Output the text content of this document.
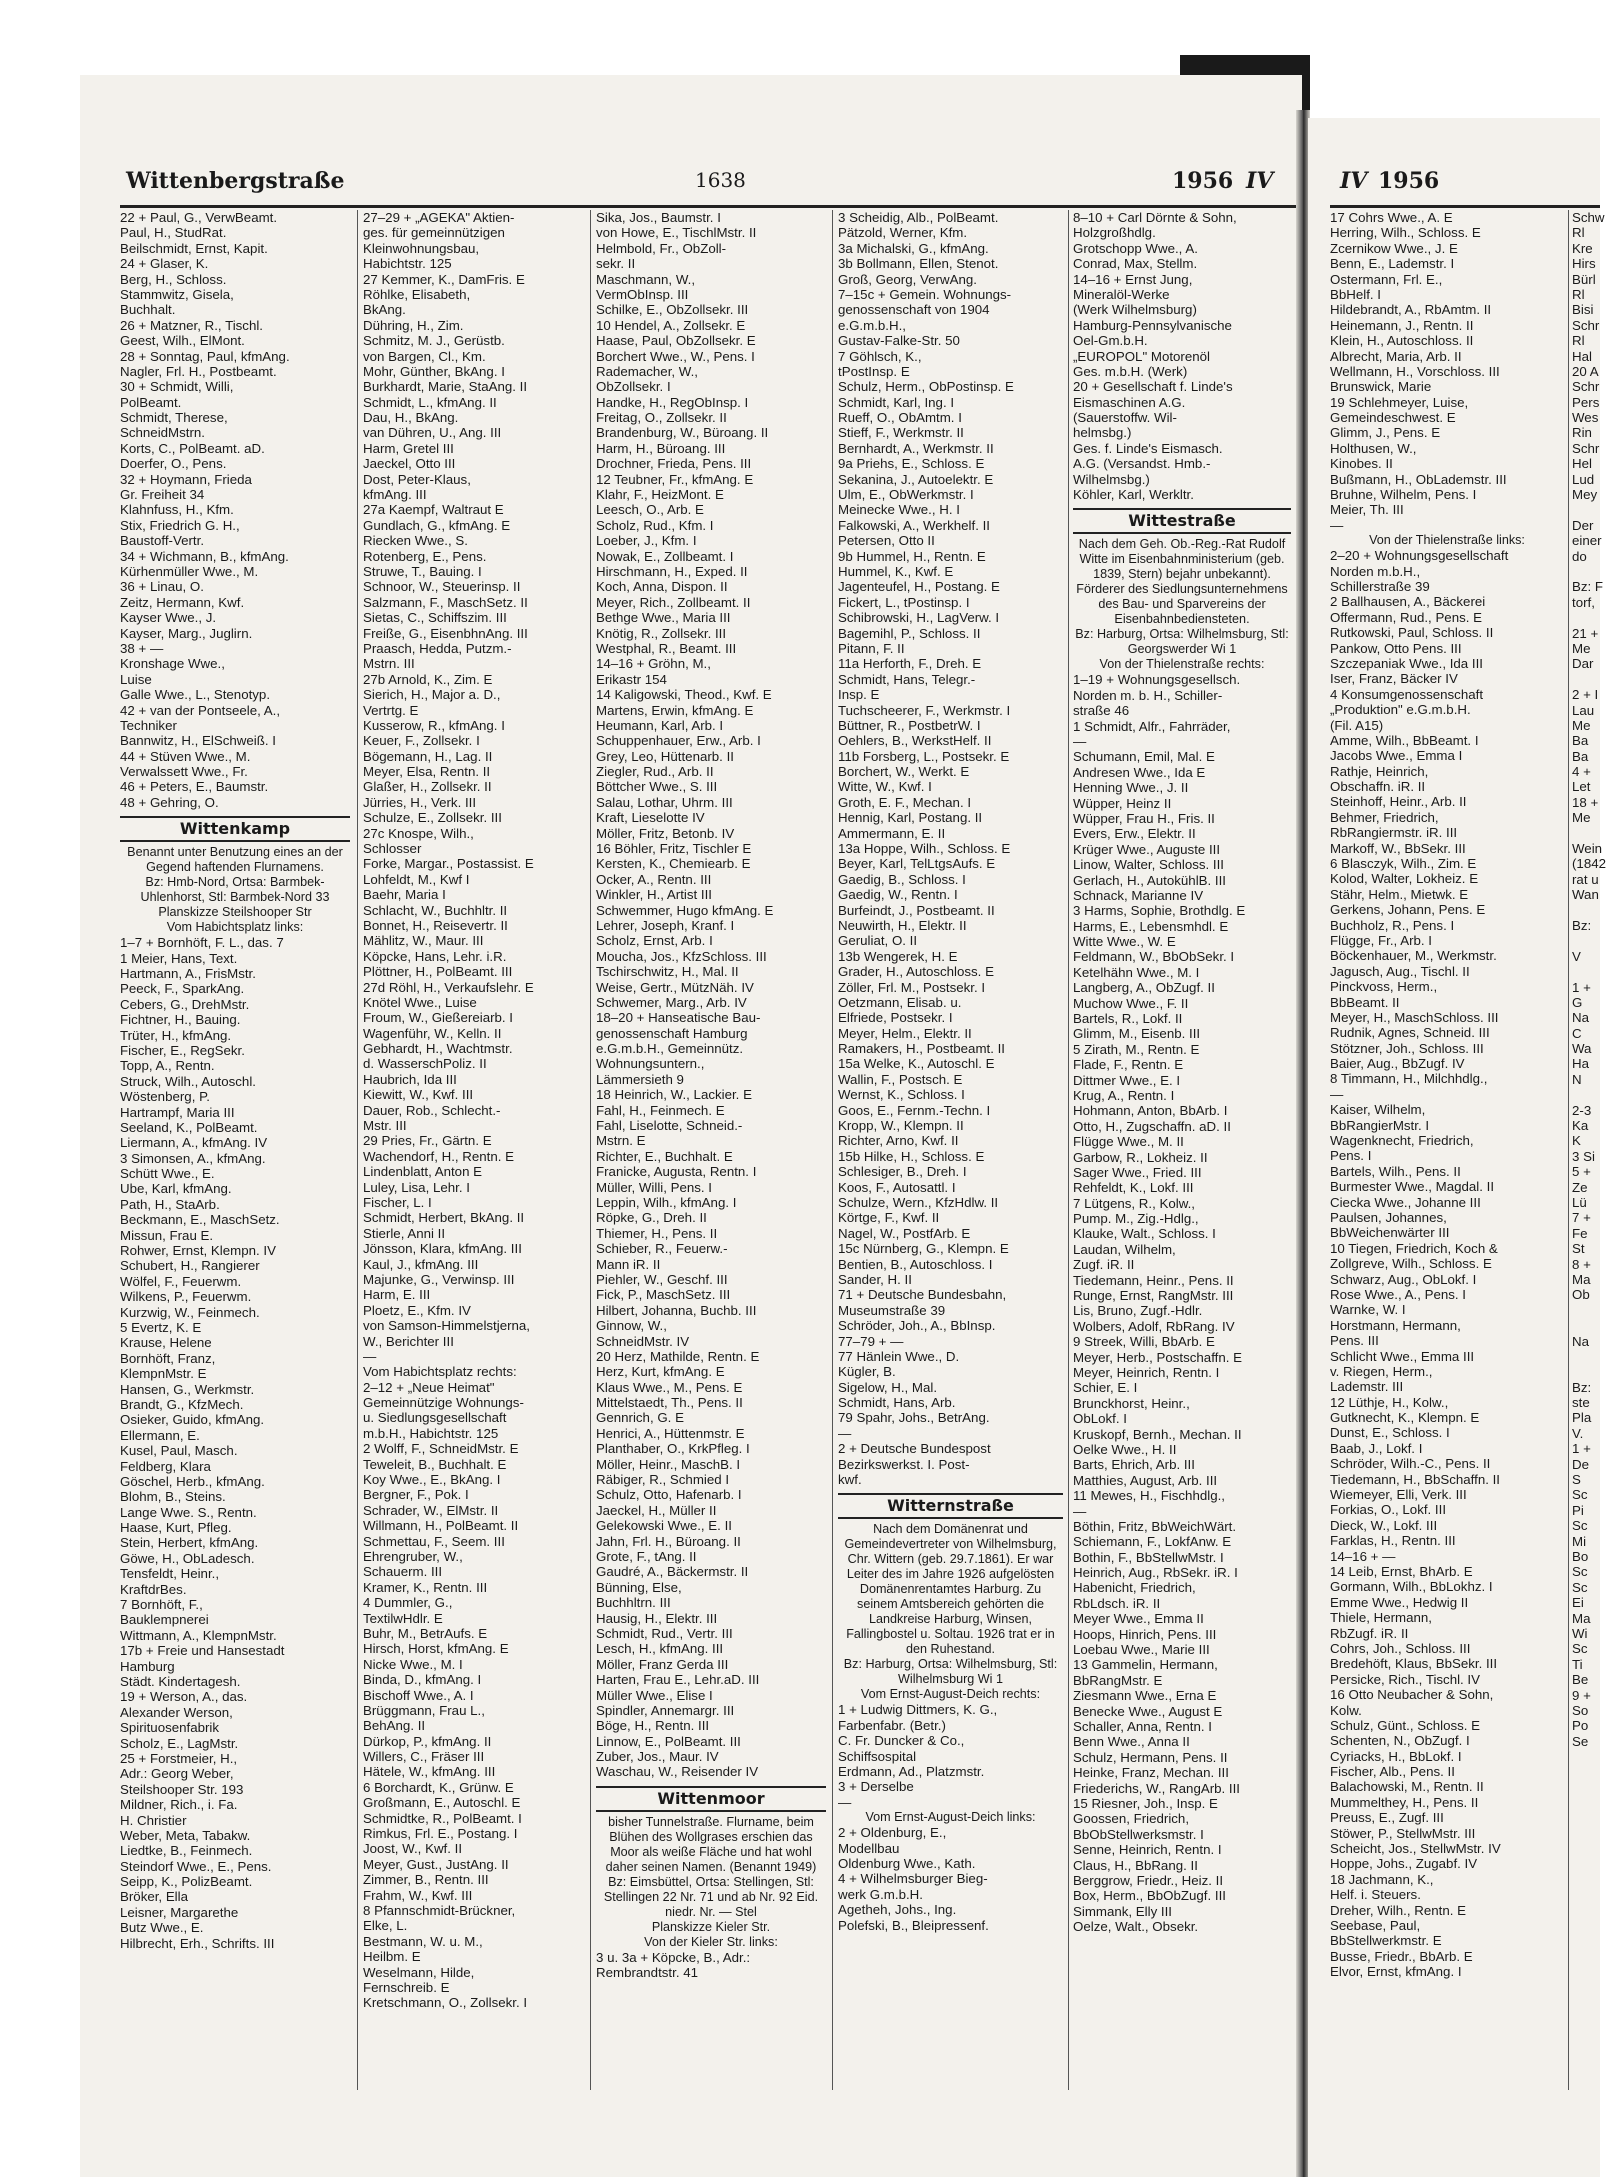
Wittenbergstraße	1638	1956 IV	IV 1956
22 + Paul, G., VerwBeamt.
Paul, H., StudRat.
Beilschmidt, Ernst, Kapit.
24 + Glaser, K.
Berg, H., Schloss.
Stammwitz, Gisela,
Buchhalt.
26 + Matzner, R., Tischl.
Geest, Wilh., ElMont.
28 + Sonntag, Paul, kfmAng.
Nagler, Frl. H., Postbeamt.
30 + Schmidt, Willi,
PolBeamt.
Schmidt, Therese,
SchneidMstrn.
Korts, C., PolBeamt. aD.
Doerfer, O., Pens.
32 + Hoymann, Frieda
Gr. Freiheit 34
Klahnfuss, H., Kfm.
Stix, Friedrich G. H.,
Baustoff-Vertr.
34 + Wichmann, B., kfmAng.
Kürhenmüller Wwe., M.
36 + Linau, O.
Zeitz, Hermann, Kwf.
Kayser Wwe., J.
Kayser, Marg., Juglirn.
38 + —
Kronshage Wwe.,
Luise
Galle Wwe., L., Stenotyp.
42 + van der Pontseele, A.,
Techniker
Bannwitz, H., ElSchweiß. I
44 + Stüven Wwe., M.
Verwalssett Wwe., Fr.
46 + Peters, E., Baumstr.
48 + Gehring, O.
Wittenkamp
Benannt unter Benutzung eines an der Gegend haftenden Flurnamens.
Bz: Hmb-Nord, Ortsa: Barmbek-Uhlenhorst, Stl: Barmbek-Nord 33
Planskizze Steilshooper Str
Vom Habichtsplatz links:
1–7 + Bornhöft, F. L., das. 7
1 Meier, Hans, Text.
Hartmann, A., FrisMstr.
Peeck, F., SparkAng.
Cebers, G., DrehMstr.
Fichtner, H., Bauing.
Trüter, H., kfmAng.
Fischer, E., RegSekr.
Topp, A., Rentn.
Struck, Wilh., Autoschl.
Wöstenberg, P.
Hartrampf, Maria III
Seeland, K., PolBeamt.
Liermann, A., kfmAng. IV
3 Simonsen, A., kfmAng.
Schütt Wwe., E.
Ube, Karl, kfmAng.
Path, H., StaArb.
Beckmann, E., MaschSetz.
Missun, Frau E.
Rohwer, Ernst, Klempn. IV
Schubert, H., Rangierer
Wölfel, F., Feuerwm.
Wilkens, P., Feuerwm.
Kurzwig, W., Feinmech.
5 Evertz, K. E
Krause, Helene
Bornhöft, Franz,
KlempnMstr. E
Hansen, G., Werkmstr.
Brandt, G., KfzMech.
Osieker, Guido, kfmAng.
Ellermann, E.
Kusel, Paul, Masch.
Feldberg, Klara
Göschel, Herb., kfmAng.
Blohm, B., Steins.
Lange Wwe. S., Rentn.
Haase, Kurt, Pfleg.
Stein, Herbert, kfmAng.
Göwe, H., ObLadesch.
Tensfeldt, Heinr.,
KraftdrBes.
7 Bornhöft, F.,
Bauklempnerei
Wittmann, A., KlempnMstr.
17b + Freie und Hansestadt
Hamburg
Städt. Kindertagesh.
19 + Werson, A., das.
Alexander Werson,
Spirituosenfabrik
Scholz, E., LagMstr.
25 + Forstmeier, H.,
Adr.: Georg Weber,
Steilshooper Str. 193
Mildner, Rich., i. Fa.
H. Christier
Weber, Meta, Tabakw.
Liedtke, B., Feinmech.
Steindorf Wwe., E., Pens.
Seipp, K., PolizBeamt.
Bröker, Ella
Leisner, Margarethe
Butz Wwe., E.
Hilbrecht, Erh., Schrifts. III
27–29 + „AGEKA" Aktien-
ges. für gemeinnützigen
Kleinwohnungsbau,
Habichtstr. 125
27 Kemmer, K., DamFris. E
Röhlke, Elisabeth,
BkAng.
Dühring, H., Zim.
Schmitz, M. J., Gerüstb.
von Bargen, Cl., Km.
Mohr, Günther, BkAng. I
Burkhardt, Marie, StaAng. II
Schmidt, L., kfmAng. II
Dau, H., BkAng.
van Dühren, U., Ang. III
Harm, Gretel III
Jaeckel, Otto III
Dost, Peter-Klaus,
kfmAng. III
27a Kaempf, Waltraut E
Gundlach, G., kfmAng. E
Riecken Wwe., S.
Rotenberg, E., Pens.
Struwe, T., Bauing. I
Schnoor, W., Steuerinsp. II
Salzmann, F., MaschSetz. II
Sietas, C., Schiffszim. III
Freiße, G., EisenbhnAng. III
Praasch, Hedda, Putzm.-
Mstrn. III
27b Arnold, K., Zim. E
Sierich, H., Major a. D.,
Vertrtg. E
Kusserow, R., kfmAng. I
Keuer, F., Zollsekr. I
Bögemann, H., Lag. II
Meyer, Elsa, Rentn. II
Glaßer, H., Zollsekr. II
Jürries, H., Verk. III
Schulze, E., Zollsekr. III
27c Knospe, Wilh.,
Schlosser
Forke, Margar., Postassist. E
Lohfeldt, M., Kwf I
Baehr, Maria I
Schlacht, W., Buchhltr. II
Bonnet, H., Reisevertr. II
Mählitz, W., Maur. III
Köpcke, Hans, Lehr. i.R.
Plöttner, H., PolBeamt. III
27d Röhl, H., Verkaufslehr. E
Knötel Wwe., Luise
Froum, W., Gießereiarb. I
Wagenführ, W., Kelln. II
Gebhardt, H., Wachtmstr.
d. WasserschPoliz. II
Haubrich, Ida III
Kiewitt, W., Kwf. III
Dauer, Rob., Schlecht.-
Mstr. III
29 Pries, Fr., Gärtn. E
Wachendorf, H., Rentn. E
Lindenblatt, Anton E
Luley, Lisa, Lehr. I
Fischer, L. I
Schmidt, Herbert, BkAng. II
Stierle, Anni II
Jönsson, Klara, kfmAng. III
Kaul, J., kfmAng. III
Majunke, G., Verwinsp. III
Harm, E. III
Ploetz, E., Kfm. IV
von Samson-Himmelstjerna,
W., Berichter III
—
Vom Habichtsplatz rechts:
2–12 + „Neue Heimat"
Gemeinnützige Wohnungs-
u. Siedlungsgesellschaft
m.b.H., Habichtstr. 125
2 Wolff, F., SchneidMstr. E
Teweleit, B., Buchhalt. E
Koy Wwe., E., BkAng. I
Bergner, F., Pok. I
Schrader, W., ElMstr. II
Willmann, H., PolBeamt. II
Schmettau, F., Seem. III
Ehrengruber, W.,
Schauerm. III
Kramer, K., Rentn. III
4 Dummler, G.,
TextilwHdlr. E
Buhr, M., BetrAufs. E
Hirsch, Horst, kfmAng. E
Nicke Wwe., M. I
Binda, D., kfmAng. I
Bischoff Wwe., A. I
Brüggmann, Frau L.,
BehAng. II
Dürkop, P., kfmAng. II
Willers, C., Fräser III
Hätele, W., kfmAng. III
6 Borchardt, K., Grünw. E
Großmann, E., Autoschl. E
Schmidtke, R., PolBeamt. I
Rimkus, Frl. E., Postang. I
Joost, W., Kwf. II
Meyer, Gust., JustAng. II
Zimmer, B., Rentn. III
Frahm, W., Kwf. III
8 Pfannschmidt-Brückner,
Elke, L.
Bestmann, W. u. M.,
Heilbm. E
Weselmann, Hilde,
Fernschreib. E
Kretschmann, O., Zollsekr. I
Sika, Jos., Baumstr. I
von Howe, E., TischlMstr. II
Helmbold, Fr., ObZoll-
sekr. II
Maschmann, W.,
VermObInsp. III
Schilke, E., ObZollsekr. III
10 Hendel, A., Zollsekr. E
Haase, Paul, ObZollsekr. E
Borchert Wwe., W., Pens. I
Rademacher, W.,
ObZollsekr. I
Handke, H., RegObInsp. I
Freitag, O., Zollsekr. II
Brandenburg, W., Büroang. II
Harm, H., Büroang. III
Drochner, Frieda, Pens. III
12 Teubner, Fr., kfmAng. E
Klahr, F., HeizMont. E
Leesch, O., Arb. E
Scholz, Rud., Kfm. I
Loeber, J., Kfm. I
Nowak, E., Zollbeamt. I
Hirschmann, H., Exped. II
Koch, Anna, Dispon. II
Meyer, Rich., Zollbeamt. II
Bethge Wwe., Maria III
Knötig, R., Zollsekr. III
Westphal, R., Beamt. III
14–16 + Gröhn, M.,
Erikastr 154
14 Kaligowski, Theod., Kwf. E
Martens, Erwin, kfmAng. E
Heumann, Karl, Arb. I
Schuppenhauer, Erw., Arb. I
Grey, Leo, Hüttenarb. II
Ziegler, Rud., Arb. II
Böttcher Wwe., S. III
Salau, Lothar, Uhrm. III
Kraft, Lieselotte IV
Möller, Fritz, Betonb. IV
16 Böhler, Fritz, Tischler E
Kersten, K., Chemiearb. E
Ocker, A., Rentn. III
Winkler, H., Artist III
Schwemmer, Hugo kfmAng. E
Lehrer, Joseph, Kranf. I
Scholz, Ernst, Arb. I
Moucha, Jos., KfzSchloss. III
Tschirschwitz, H., Mal. II
Weise, Gertr., MützNäh. IV
Schwemer, Marg., Arb. IV
18–20 + Hanseatische Bau-
genossenschaft Hamburg
e.G.m.b.H., Gemeinnütz.
Wohnungsuntern.,
Lämmersieth 9
18 Heinrich, W., Lackier. E
Fahl, H., Feinmech. E
Fahl, Liselotte, Schneid.-
Mstrn. E
Richter, E., Buchhalt. E
Franicke, Augusta, Rentn. I
Müller, Willi, Pens. I
Leppin, Wilh., kfmAng. I
Röpke, G., Dreh. II
Thiemer, H., Pens. II
Schieber, R., Feuerw.-
Mann iR. II
Piehler, W., Geschf. III
Fick, P., MaschSetz. III
Hilbert, Johanna, Buchb. III
Ginnow, W.,
SchneidMstr. IV
20 Herz, Mathilde, Rentn. E
Herz, Kurt, kfmAng. E
Klaus Wwe., M., Pens. E
Mittelstaedt, Th., Pens. II
Gennrich, G. E
Henrici, A., Hüttenmstr. E
Planthaber, O., KrkPfleg. I
Möller, Heinr., MaschB. I
Räbiger, R., Schmied I
Schulz, Otto, Hafenarb. I
Jaeckel, H., Müller II
Gelekowski Wwe., E. II
Jahn, Frl. H., Büroang. II
Grote, F., tAng. II
Gaudré, A., Bäckermstr. II
Bünning, Else,
Buchhltrn. III
Hausig, H., Elektr. III
Schmidt, Rud., Vertr. III
Lesch, H., kfmAng. III
Möller, Franz Gerda III
Harten, Frau E., Lehr.aD. III
Müller Wwe., Elise I
Spindler, Annemargr. III
Böge, H., Rentn. III
Linnow, E., PolBeamt. III
Zuber, Jos., Maur. IV
Waschau, W., Reisender IV
Wittenmoor
bisher Tunnelstraße. Flurname, beim Blühen des Wollgrases erschien das Moor als weiße Fläche und hat wohl daher seinen Namen. (Benannt 1949)
Bz: Eimsbüttel, Ortsa: Stellingen, Stl: Stellingen 22 Nr. 71 und ab Nr. 92 Eid. niedr. Nr. — Stel
Planskizze Kieler Str.
Von der Kieler Str. links:
3 u. 3a + Köpcke, B., Adr.:
Rembrandtstr. 41
3 Scheidig, Alb., PolBeamt.
Pätzold, Werner, Kfm.
3a Michalski, G., kfmAng.
3b Bollmann, Ellen, Stenot.
Groß, Georg, VerwAng.
7–15c + Gemein. Wohnungs-
genossenschaft von 1904
e.G.m.b.H.,
Gustav-Falke-Str. 50
7 Göhlsch, K.,
tPostInsp. E
Schulz, Herm., ObPostinsp. E
Schmidt, Karl, Ing. I
Rueff, O., ObAmtm. I
Stieff, F., Werkmstr. II
Bernhardt, A., Werkmstr. II
9a Priehs, E., Schloss. E
Sekanina, J., Autoelektr. E
Ulm, E., ObWerkmstr. I
Meinecke Wwe., H. I
Falkowski, A., Werkhelf. II
Petersen, Otto II
9b Hummel, H., Rentn. E
Hummel, K., Kwf. E
Jagenteufel, H., Postang. E
Fickert, L., tPostinsp. I
Schibrowski, H., LagVerw. I
Bagemihl, P., Schloss. II
Pitann, F. II
11a Herforth, F., Dreh. E
Schmidt, Hans, Telegr.-
Insp. E
Tuchscheerer, F., Werkmstr. I
Büttner, R., PostbetrW. I
Oehlers, B., WerkstHelf. II
11b Forsberg, L., Postsekr. E
Borchert, W., Werkt. E
Witte, W., Kwf. I
Groth, E. F., Mechan. I
Hennig, Karl, Postang. II
Ammermann, E. II
13a Hoppe, Wilh., Schloss. E
Beyer, Karl, TelLtgsAufs. E
Gaedig, B., Schloss. I
Gaedig, W., Rentn. I
Burfeindt, J., Postbeamt. II
Neuwirth, H., Elektr. II
Geruliat, O. II
13b Wengerek, H. E
Grader, H., Autoschloss. E
Zöller, Frl. M., Postsekr. I
Oetzmann, Elisab. u.
Elfriede, Postsekr. I
Meyer, Helm., Elektr. II
Ramakers, H., Postbeamt. II
15a Welke, K., Autoschl. E
Wallin, F., Postsch. E
Wernst, K., Schloss. I
Goos, E., Fernm.-Techn. I
Kropp, W., Klempn. II
Richter, Arno, Kwf. II
15b Hilke, H., Schloss. E
Schlesiger, B., Dreh. I
Koos, F., Autosattl. I
Schulze, Wern., KfzHdlw. II
Körtge, F., Kwf. II
Nagel, W., PostfArb. E
15c Nürnberg, G., Klempn. E
Bentien, B., Autoschloss. I
Sander, H. II
71 + Deutsche Bundesbahn,
Museumstraße 39
Schröder, Joh., A., BbInsp.
77–79 + —
77 Hänlein Wwe., D.
Kügler, B.
Sigelow, H., Mal.
Schmidt, Hans, Arb.
79 Spahr, Johs., BetrAng.
—
2 + Deutsche Bundespost
Bezirkswerkst. I. Post-
kwf.
Witternstraße
Nach dem Domänenrat und Gemeindevertreter von Wilhelmsburg, Chr. Wittern (geb. 29.7.1861). Er war Leiter des im Jahre 1926 aufgelösten Domänenrentamtes Harburg. Zu seinem Amtsbereich gehörten die Landkreise Harburg, Winsen, Fallingbostel u. Soltau. 1926 trat er in den Ruhestand.
Bz: Harburg, Ortsa: Wilhelmsburg, Stl: Wilhelmsburg Wi 1
Vom Ernst-August-Deich rechts:
1 + Ludwig Dittmers, K. G.,
Farbenfabr. (Betr.)
C. Fr. Duncker & Co.,
Schiffsospital
Erdmann, Ad., Platzmstr.
3 + Derselbe
—
Vom Ernst-August-Deich links:
2 + Oldenburg, E.,
Modellbau
Oldenburg Wwe., Kath.
4 + Wilhelmsburger Bieg-
werk G.m.b.H.
Agetheh, Johs., Ing.
Polefski, B., Bleipressenf.
8–10 + Carl Dörnte & Sohn,
Holzgroßhdlg.
Grotschopp Wwe., A.
Conrad, Max, Stellm.
14–16 + Ernst Jung,
Mineralöl-Werke
(Werk Wilhelmsburg)
Hamburg-Pennsylvanische
Oel-Gm.b.H.
„EUROPOL" Motorenöl
Ges. m.b.H. (Werk)
20 + Gesellschaft f. Linde's
Eismaschinen A.G.
(Sauerstoffw. Wil-
helmsbg.)
Ges. f. Linde's Eismasch.
A.G. (Versandst. Hmb.-
Wilhelmsbg.)
Köhler, Karl, Werkltr.
Wittestraße
Nach dem Geh. Ob.-Reg.-Rat Rudolf Witte im Eisenbahnministerium (geb. 1839, Stern) bejahr unbekannt). Förderer des Siedlungsunternehmens des Bau- und Sparvereins der Eisenbahnbediensteten.
Bz: Harburg, Ortsa: Wilhelmsburg, Stl: Georgswerder Wi 1
Von der Thielenstraße rechts:
1–19 + Wohnungsgesellsch.
Norden m. b. H., Schiller-
straße 46
1 Schmidt, Alfr., Fahrräder,
—
Schumann, Emil, Mal. E
Andresen Wwe., Ida E
Henning Wwe., J. II
Wüpper, Heinz II
Wüpper, Frau H., Fris. II
Evers, Erw., Elektr. II
Krüger Wwe., Auguste III
Linow, Walter, Schloss. III
Gerlach, H., AutokühlB. III
Schnack, Marianne IV
3 Harms, Sophie, Brothdlg. E
Harms, E., Lebensmhdl. E
Witte Wwe., W. E
Feldmann, W., BbObSekr. I
Ketelhähn Wwe., M. I
Langberg, A., ObZugf. II
Muchow Wwe., F. II
Bartels, R., Lokf. II
Glimm, M., Eisenb. III
5 Zirath, M., Rentn. E
Flade, F., Rentn. E
Dittmer Wwe., E. I
Krug, A., Rentn. I
Hohmann, Anton, BbArb. I
Otto, H., Zugschaffn. aD. II
Flügge Wwe., M. II
Garbow, R., Lokheiz. II
Sager Wwe., Fried. III
Rehfeldt, K., Lokf. III
7 Lütgens, R., Kolw.,
Pump. M., Zig.-Hdlg.,
Klauke, Walt., Schloss. I
Laudan, Wilhelm,
Zugf. iR. II
Tiedemann, Heinr., Pens. II
Runge, Ernst, RangMstr. III
Lis, Bruno, Zugf.-Hdlr.
Wolbers, Adolf, RbRang. IV
9 Streek, Willi, BbArb. E
Meyer, Herb., Postschaffn. E
Meyer, Heinrich, Rentn. I
Schier, E. I
Brunckhorst, Heinr.,
ObLokf. I
Kruskopf, Bernh., Mechan. II
Oelke Wwe., H. II
Barts, Ehrich, Arb. III
Matthies, August, Arb. III
11 Mewes, H., Fischhdlg.,
—
Böthin, Fritz, BbWeichWärt.
Schiemann, F., LokfAnw. E
Bothin, F., BbStellwMstr. I
Heinrich, Aug., RbSekr. iR. I
Habenicht, Friedrich,
RbLdsch. iR. II
Meyer Wwe., Emma II
Hoops, Hinrich, Pens. III
Loebau Wwe., Marie III
13 Gammelin, Hermann,
BbRangMstr. E
Ziesmann Wwe., Erna E
Benecke Wwe., August E
Schaller, Anna, Rentn. I
Benn Wwe., Anna II
Schulz, Hermann, Pens. II
Heinke, Franz, Mechan. III
Friederichs, W., RangArb. III
15 Riesner, Joh., Insp. E
Goossen, Friedrich,
BbObStellwerksmstr. I
Senne, Heinrich, Rentn. I
Claus, H., BbRang. II
Berggrow, Friedr., Heiz. II
Box, Herm., BbObZugf. III
Simmank, Elly III
Oelze, Walt., Obsekr.
17 Cohrs Wwe., A. E
Herring, Wilh., Schloss. E
Zcernikow Wwe., J. E
Benn, E., Lademstr. I
Ostermann, Frl. E.,
BbHelf. I
Hildebrandt, A., RbAmtm. II
Heinemann, J., Rentn. II
Klein, H., Autoschloss. II
Albrecht, Maria, Arb. II
Wellmann, H., Vorschloss. III
Brunswick, Marie
19 Schlehmeyer, Luise,
Gemeindeschwest. E
Glimm, J., Pens. E
Holthusen, W.,
Kinobes. II
Bußmann, H., ObLademstr. III
Bruhne, Wilhelm, Pens. I
Meier, Th. III
—
Von der Thielenstraße links:
2–20 + Wohnungsgesellschaft
Norden m.b.H.,
Schillerstraße 39
2 Ballhausen, A., Bäckerei
Offermann, Rud., Pens. E
Rutkowski, Paul, Schloss. II
Pankow, Otto Pens. III
Szczepaniak Wwe., Ida III
Iser, Franz, Bäcker IV
4 Konsumgenossenschaft
„Produktion" e.G.m.b.H.
(Fil. A15)
Amme, Wilh., BbBeamt. I
Jacobs Wwe., Emma I
Rathje, Heinrich,
Obschaffn. iR. II
Steinhoff, Heinr., Arb. II
Behmer, Friedrich,
RbRangiermstr. iR. III
Markoff, W., BbSekr. III
6 Blasczyk, Wilh., Zim. E
Kolod, Walter, Lokheiz. E
Stähr, Helm., Mietwk. E
Gerkens, Johann, Pens. E
Buchholz, R., Pens. I
Flügge, Fr., Arb. I
Böckenhauer, M., Werkmstr.
Jagusch, Aug., Tischl. II
Pinckvoss, Herm.,
BbBeamt. II
Meyer, H., MaschSchloss. III
Rudnik, Agnes, Schneid. III
Stötzner, Joh., Schloss. III
Baier, Aug., BbZugf. IV
8 Timmann, H., Milchhdlg.,
—
Kaiser, Wilhelm,
BbRangierMstr. I
Wagenknecht, Friedrich,
Pens. I
Bartels, Wilh., Pens. II
Burmester Wwe., Magdal. II
Ciecka Wwe., Johanne III
Paulsen, Johannes,
BbWeichenwärter III
10 Tiegen, Friedrich, Koch &
Zollgreve, Wilh., Schloss. E
Schwarz, Aug., ObLokf. I
Rose Wwe., A., Pens. I
Warnke, W. I
Horstmann, Hermann,
Pens. III
Schlicht Wwe., Emma III
v. Riegen, Herm.,
Lademstr. III
12 Lüthje, H., Kolw.,
Gutknecht, K., Klempn. E
Dunst, E., Schloss. I
Baab, J., Lokf. I
Schröder, Wilh.-C., Pens. II
Tiedemann, H., BbSchaffn. II
Wiemeyer, Elli, Verk. III
Forkias, O., Lokf. III
Dieck, W., Lokf. III
Farklas, H., Rentn. III
14–16 + —
14 Leib, Ernst, BhArb. E
Gormann, Wilh., BbLokhz. I
Emme Wwe., Hedwig II
Thiele, Hermann,
RbZugf. iR. II
Cohrs, Joh., Schloss. III
Bredehöft, Klaus, BbSekr. III
Persicke, Rich., Tischl. IV
16 Otto Neubacher & Sohn,
Kolw.
Schulz, Günt., Schloss. E
Schenten, N., ObZugf. I
Cyriacks, H., BbLokf. I
Fischer, Alb., Pens. II
Balachowski, M., Rentn. II
Mummelthey, H., Pens. II
Preuss, E., Zugf. III
Stöwer, P., StellwMstr. III
Scheicht, Jos., StellwMstr. IV
Hoppe, Johs., Zugabf. IV
18 Jachmann, K.,
Helf. i. Steuers.
Dreher, Wilh., Rentn. E
Seebase, Paul,
BbStellwerkmstr. E
Busse, Friedr., BbArb. E
Elvor, Ernst, kfmAng. I
Schw
Rl
Kre
Hirs
Bürl
Rl
Bisi
Schr
Rl
Hal
20 A
Schr
Pers
Wes
Rin
Schr
Hel
Lud
Mey
Der
einer
do
Bz: F
torf,
21 +
Me
Dar
2 + I
Lau
Me
Ba
Ba
4 +
Let
18 +
Me
Wein
(1842
rat u
Wan
Bz:
V
1 +
G
Na
C
Wa
Ha
N
2-3
Ka
K
3 Si
5 +
Ze
Lü
7 +
Fe
St
8 +
Ma
Ob
Na
Bz:
ste
Pla
V.
1 +
De
S
Sc
Pi
Sc
Mi
Bo
Sc
Sc
Ei
Ma
Wi
Sc
Ti
Be
9 +
So
Po
Se
